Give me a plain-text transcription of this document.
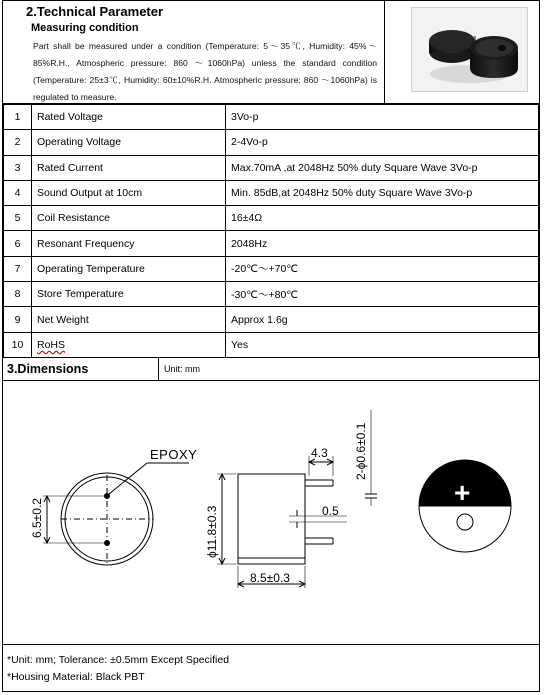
2.Technical Parameter
Measuring condition
Part shall be measured under a condition (Temperature: 5～35℃, Humidity: 45%～85%R.H., Atmospheric pressure: 860 ～1060hPa) unless the standard condition (Temperature: 25±3℃, Humidity: 60±10%R.H. Atmospheric pressure: 860 ～1060hPa) is regulated to measure.
1	Rated Voltage	3Vo-p
2	Operating Voltage	2-4Vo-p
3	Rated Current	Max.70mA ,at 2048Hz 50% duty Square Wave 3Vo-p
4	Sound Output at 10cm	Min. 85dB,at 2048Hz 50% duty Square Wave 3Vo-p
5	Coil Resistance	16±4Ω
6	Resonant Frequency	2048Hz
7	Operating Temperature	-20℃～+70℃
8	Store Temperature	-30℃～+80℃
9	Net Weight	Approx 1.6g
10	RoHS	Yes
3.Dimensions	Unit: mm
EPOXY
6.5±0.2	ϕ11.8±0.3
8.5±0.3
4.3 2-ϕ0.6±0.1
0.5
+
*Unit: mm; Tolerance: ±0.5mm Except Specified
*Housing Material: Black PBT
